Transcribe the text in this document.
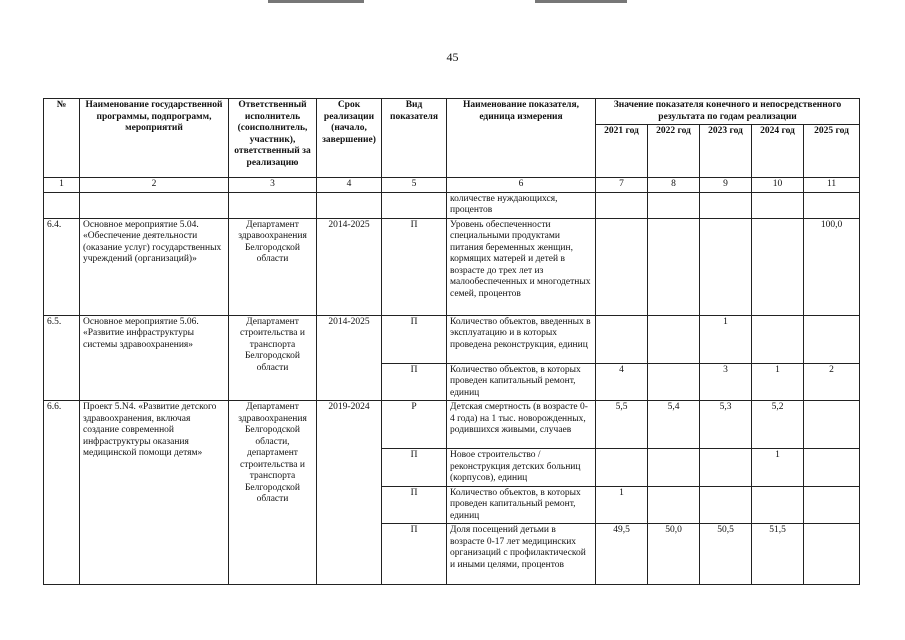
45
№	Наименование государственной программы, подпрограмм, мероприятий	Ответственный исполнитель (соисполнитель, участник), ответственный за реализацию	Срок реализации (начало, завершение)	Вид показателя	Наименование показателя, единица измерения	Значение показателя конечного и непосредственного результата по годам реализации				
						2021 год	2022 год	2023 год	2024 год	2025 год
1	2	3	4	5	6	7	8	9	10	11
					количестве нуждающихся, процентов					
6.4.	Основное мероприятие 5.04. «Обеспечение деятельности (оказание услуг) государственных учреждений (организаций)»	Департамент здравоохранения Белгородской области	2014-2025	П	Уровень обеспеченности специальными продуктами питания беременных женщин, кормящих матерей и детей в возрасте до трех лет из малообеспеченных и многодетных семей, процентов					100,0
6.5.	Основное мероприятие 5.06. «Развитие инфраструктуры системы здравоохранения»	Департамент строительства и транспорта Белгородской области	2014-2025	П	Количество объектов, введенных в эксплуатацию и в которых проведена реконструкция, единиц			1		
				П	Количество объектов, в которых проведен капитальный ремонт, единиц	4		3	1	2
6.6.	Проект 5.N4. «Развитие детского здравоохранения, включая создание современной инфраструктуры оказания медицинской помощи детям»	Департамент здравоохранения Белгородской области, департамент строительства и транспорта Белгородской области	2019-2024	Р	Детская смертность (в возрасте 0-4 года) на 1 тыс. новорожденных, родившихся живыми, случаев	5,5	5,4	5,3	5,2	
				П	Новое строительство / реконструкция детских больниц (корпусов), единиц				1	
				П	Количество объектов, в которых проведен капитальный ремонт, единиц	1				
				П	Доля посещений детьми в возрасте 0-17 лет медицинских организаций с профилактической и иными целями, процентов	49,5	50,0	50,5	51,5	
